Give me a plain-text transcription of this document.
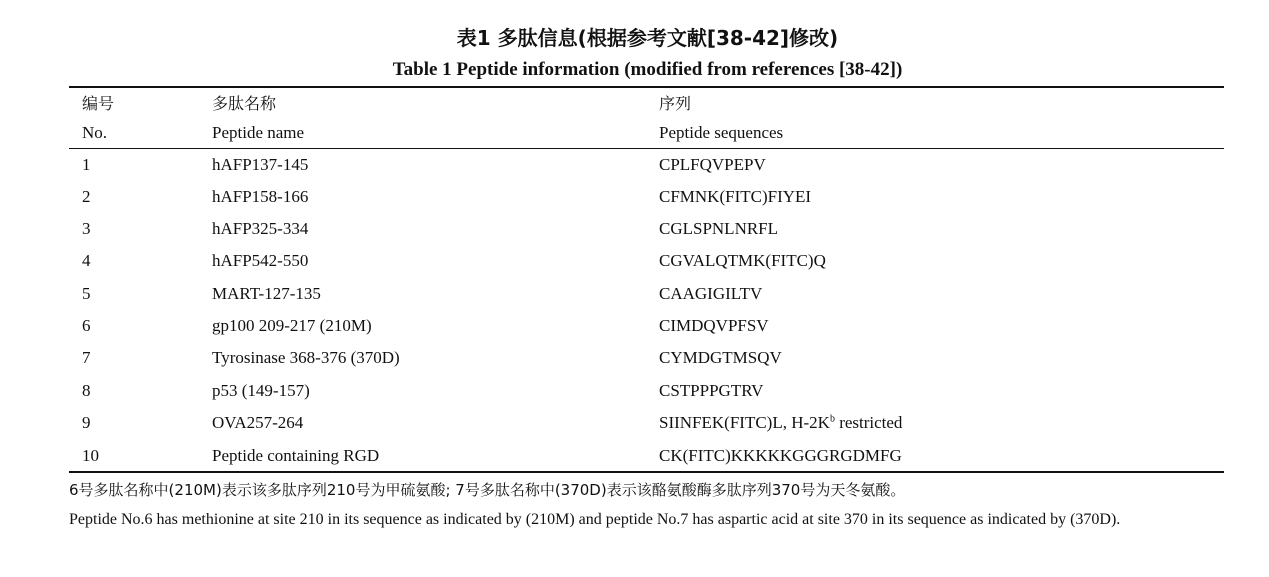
表1 多肽信息(根据参考文献[38-42]修改)
Table 1 Peptide information (modified from references [38-42])
编号	多肽名称	序列
No.	Peptide name	Peptide sequences
1	hAFP137-145	CPLFQVPEPV
2	hAFP158-166	CFMNK(FITC)FIYEI
3	hAFP325-334	CGLSPNLNRFL
4	hAFP542-550	CGVALQTMK(FITC)Q
5	MART-127-135	CAAGIGILTV
6	gp100 209-217 (210M)	CIMDQVPFSV
7	Tyrosinase 368-376 (370D)	CYMDGTMSQV
8	p53 (149-157)	CSTPPPGTRV
9	OVA257-264	SIINFEK(FITC)L, $H-2K^b$ restricted
10	Peptide containing RGD	CK(FITC)KKKKKGGGRGDMFG
6号多肽名称中(210M)表示该多肽序列210号为甲硫氨酸; 7号多肽名称中(370D)表示该酪氨酸酶多肽序列370号为天冬氨酸。
Peptide No.6 has methionine at site 210 in its sequence as indicated by (210M) and peptide No.7 has aspartic acid at site 370 in its sequence as indicated by (370D).
